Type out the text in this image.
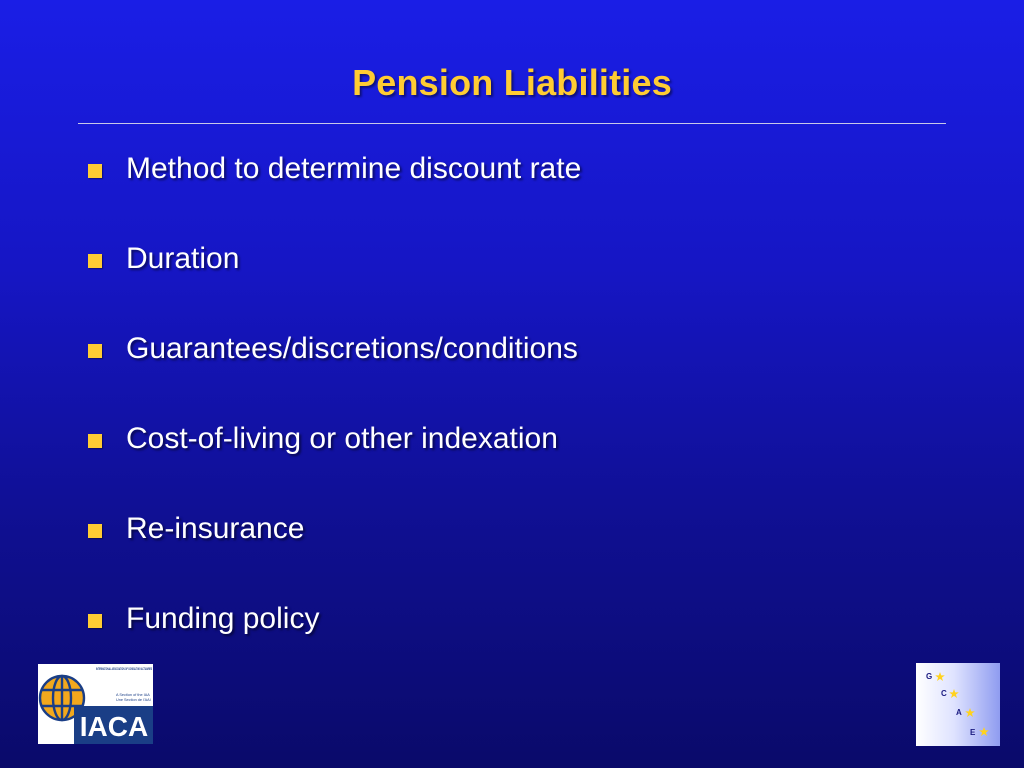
Pension Liabilities
Method to determine discount rate
Duration
Guarantees/discretions/conditions
Cost-of-living or other indexation
Re-insurance
Funding policy
IACA
INTERNATIONAL ASSOCIATION OF CONSULTING ACTUARIES
A Section of the IAA
Une Section de l'AAI
G
C
A
E
